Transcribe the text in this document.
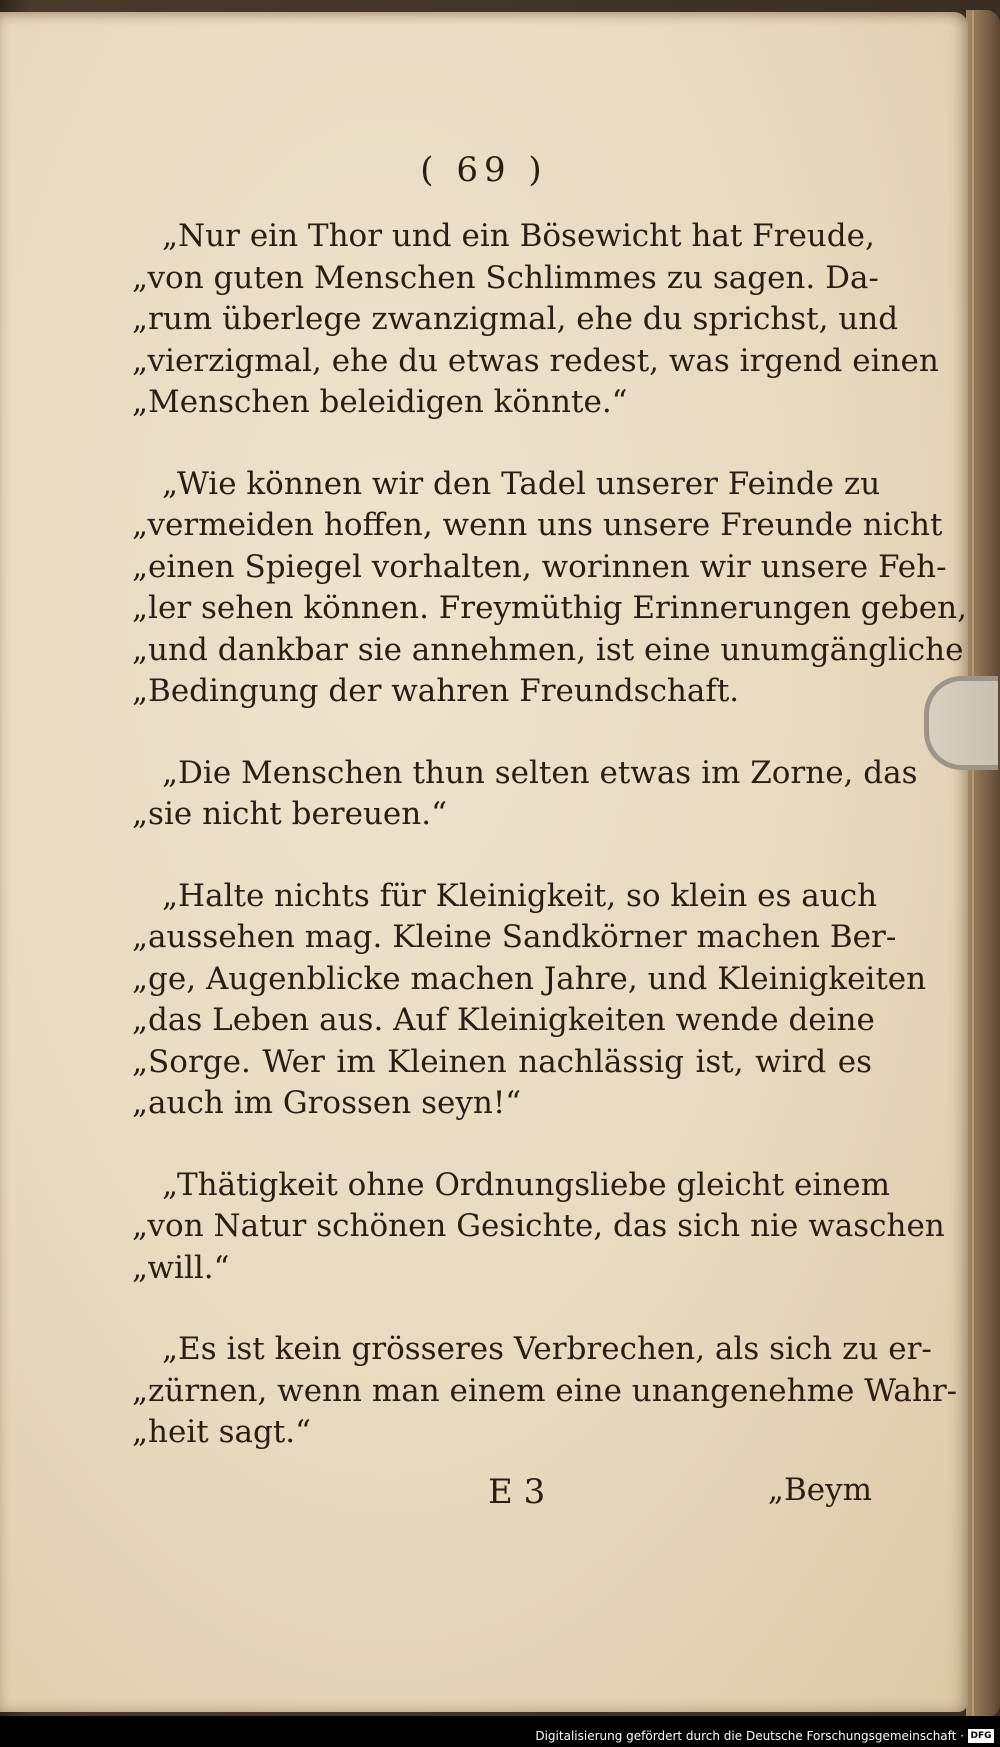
( 69 )
„Nur ein Thor und ein Bösewicht hat Freude,
„von guten Menschen Schlimmes zu sagen. Da-
„rum überlege zwanzigmal, ehe du sprichst, und
„vierzigmal, ehe du etwas redest, was irgend einen
„Menschen beleidigen könnte.“
„Wie können wir den Tadel unserer Feinde zu
„vermeiden hoffen, wenn uns unsere Freunde nicht
„einen Spiegel vorhalten, worinnen wir unsere Feh-
„ler sehen können. Freymüthig Erinnerungen geben,
„und dankbar sie annehmen, ist eine unumgängliche
„Bedingung der wahren Freundschaft.
„Die Menschen thun selten etwas im Zorne, das
„sie nicht bereuen.“
„Halte nichts für Kleinigkeit, so klein es auch
„aussehen mag. Kleine Sandkörner machen Ber-
„ge, Augenblicke machen Jahre, und Kleinigkeiten
„das Leben aus. Auf Kleinigkeiten wende deine
„Sorge. Wer im Kleinen nachlässig ist, wird es
„auch im Grossen seyn!“
„Thätigkeit ohne Ordnungsliebe gleicht einem
„von Natur schönen Gesichte, das sich nie waschen
„will.“
„Es ist kein grösseres Verbrechen, als sich zu er-
„zürnen, wenn man einem eine unangenehme Wahr-
„heit sagt.“
E 3	„Beym
Digitalisierung gefördert durch die Deutsche Forschungsgemeinschaft · DFG
